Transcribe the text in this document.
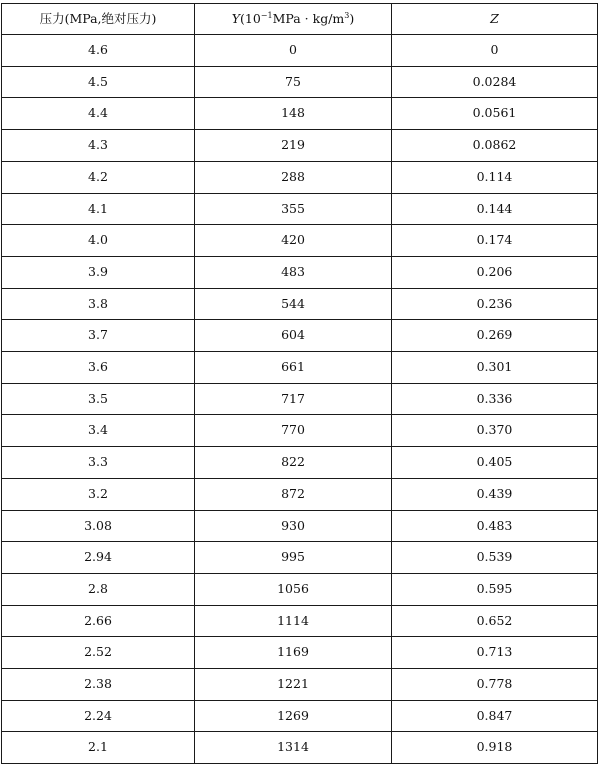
压力(MPa,绝对压力)	$Y(10^{-1}MPa \cdot kg/m^3)$	Z
4.6	0	0
4.5	75	0.0284
4.4	148	0.0561
4.3	219	0.0862
4.2	288	0.114
4.1	355	0.144
4.0	420	0.174
3.9	483	0.206
3.8	544	0.236
3.7	604	0.269
3.6	661	0.301
3.5	717	0.336
3.4	770	0.370
3.3	822	0.405
3.2	872	0.439
3.08	930	0.483
2.94	995	0.539
2.8	1056	0.595
2.66	1114	0.652
2.52	1169	0.713
2.38	1221	0.778
2.24	1269	0.847
2.1	1314	0.918
